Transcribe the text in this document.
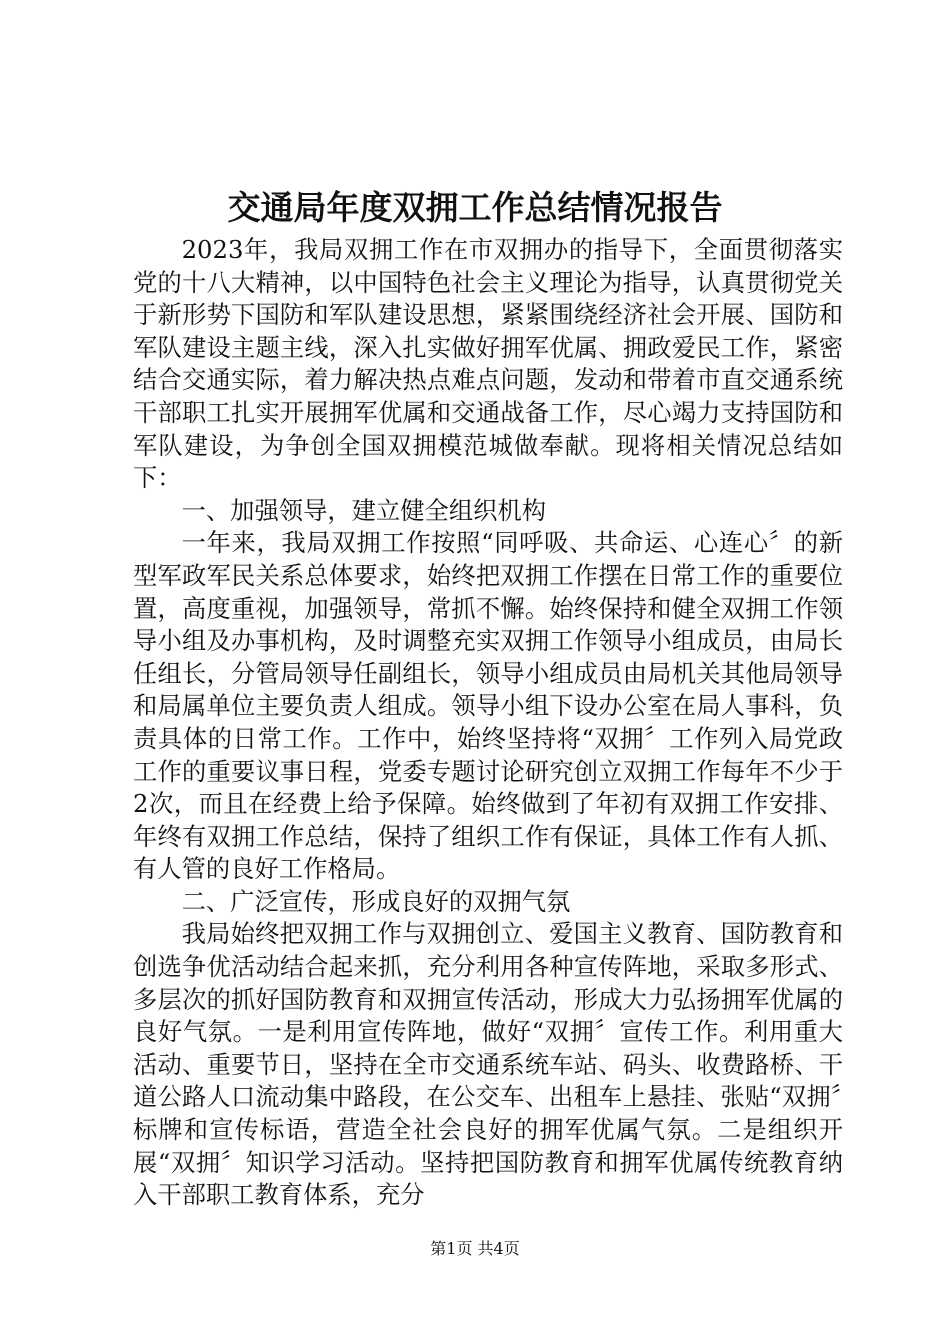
交通局年度双拥工作总结情况报告

2023年，我局双拥工作在市双拥办的指导下，全面贯彻落实党的十八大精神，以中国特色社会主义理论为指导，认真贯彻党关于新形势下国防和军队建设思想，紧紧围绕经济社会开展、国防和军队建设主题主线，深入扎实做好拥军优属、拥政爱民工作，紧密结合交通实际，着力解决热点难点问题，发动和带着市直交通系统干部职工扎实开展拥军优属和交通战备工作，尽心竭力支持国防和军队建设，为争创全国双拥模范城做奉献。现将相关情况总结如下：

一、加强领导，建立健全组织机构

一年来，我局双拥工作按照“同呼吸、共命运、心连心〞的新型军政军民关系总体要求，始终把双拥工作摆在日常工作的重要位置，高度重视，加强领导，常抓不懈。始终保持和健全双拥工作领导小组及办事机构，及时调整充实双拥工作领导小组成员，由局长任组长，分管局领导任副组长，领导小组成员由局机关其他局领导和局属单位主要负责人组成。领导小组下设办公室在局人事科，负责具体的日常工作。工作中，始终坚持将“双拥〞工作列入局党政工作的重要议事日程，党委专题讨论研究创立双拥工作每年不少于2次，而且在经费上给予保障。始终做到了年初有双拥工作安排、年终有双拥工作总结，保持了组织工作有保证，具体工作有人抓、有人管的良好工作格局。

二、广泛宣传，形成良好的双拥气氛

我局始终把双拥工作与双拥创立、爱国主义教育、国防教育和创选争优活动结合起来抓，充分利用各种宣传阵地，采取多形式、多层次的抓好国防教育和双拥宣传活动，形成大力弘扬拥军优属的良好气氛。一是利用宣传阵地，做好“双拥〞宣传工作。利用重大活动、重要节日，坚持在全市交通系统车站、码头、收费路桥、干道公路人口流动集中路段，在公交车、出租车上悬挂、张贴“双拥〞标牌和宣传标语，营造全社会良好的拥军优属气氛。二是组织开展“双拥〞知识学习活动。坚持把国防教育和拥军优属传统教育纳入干部职工教育体系，充分

第1页 共4页
